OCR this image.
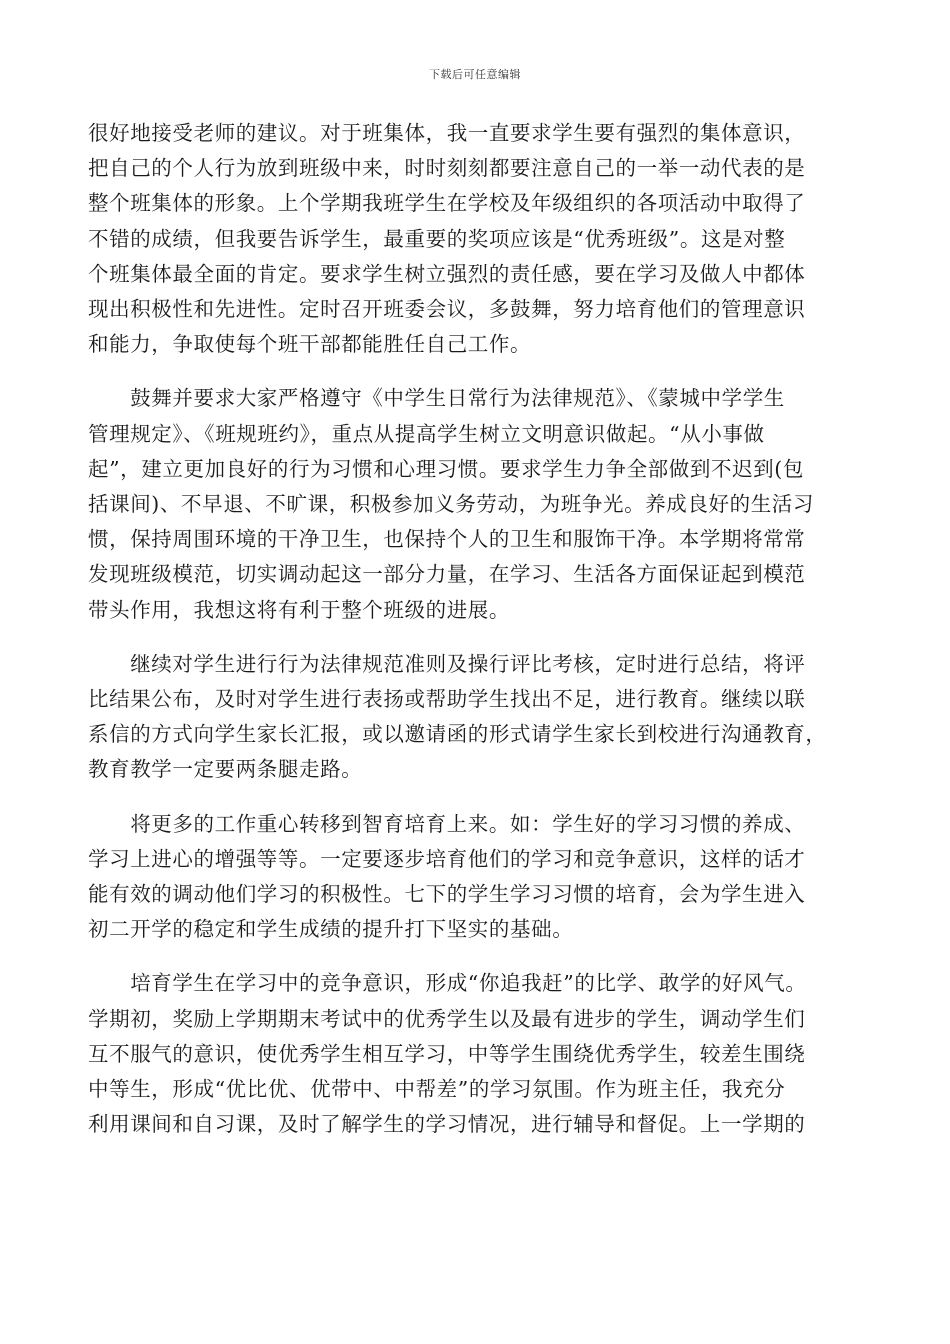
下载后可任意编辑

很好地接受老师的建议。对于班集体，我一直要求学生要有强烈的集体意识，
把自己的个人行为放到班级中来，时时刻刻都要注意自己的一举一动代表的是
整个班集体的形象。上个学期我班学生在学校及年级组织的各项活动中取得了
不错的成绩，但我要告诉学生，最重要的奖项应该是“优秀班级”。这是对整
个班集体最全面的肯定。要求学生树立强烈的责任感，要在学习及做人中都体
现出积极性和先进性。定时召开班委会议，多鼓舞，努力培育他们的管理意识
和能力，争取使每个班干部都能胜任自己工作。

　　鼓舞并要求大家严格遵守《中学生日常行为法律规范》、《蒙城中学学生
管理规定》、《班规班约》，重点从提高学生树立文明意识做起。“从小事做
起”，建立更加良好的行为习惯和心理习惯。要求学生力争全部做到不迟到(包
括课间)、不早退、不旷课，积极参加义务劳动，为班争光。养成良好的生活习
惯，保持周围环境的干净卫生，也保持个人的卫生和服饰干净。本学期将常常
发现班级模范，切实调动起这一部分力量，在学习、生活各方面保证起到模范
带头作用，我想这将有利于整个班级的进展。

　　继续对学生进行行为法律规范准则及操行评比考核，定时进行总结，将评
比结果公布，及时对学生进行表扬或帮助学生找出不足，进行教育。继续以联
系信的方式向学生家长汇报，或以邀请函的形式请学生家长到校进行沟通教育，
教育教学一定要两条腿走路。

　　将更多的工作重心转移到智育培育上来。如：学生好的学习习惯的养成、
学习上进心的增强等等。一定要逐步培育他们的学习和竞争意识，这样的话才
能有效的调动他们学习的积极性。七下的学生学习习惯的培育，会为学生进入
初二开学的稳定和学生成绩的提升打下坚实的基础。

　　培育学生在学习中的竞争意识，形成“你追我赶”的比学、敢学的好风气。
学期初，奖励上学期期末考试中的优秀学生以及最有进步的学生，调动学生们
互不服气的意识，使优秀学生相互学习，中等学生围绕优秀学生，较差生围绕
中等生，形成“优比优、优带中、中帮差”的学习氛围。作为班主任，我充分
利用课间和自习课，及时了解学生的学习情况，进行辅导和督促。上一学期的
